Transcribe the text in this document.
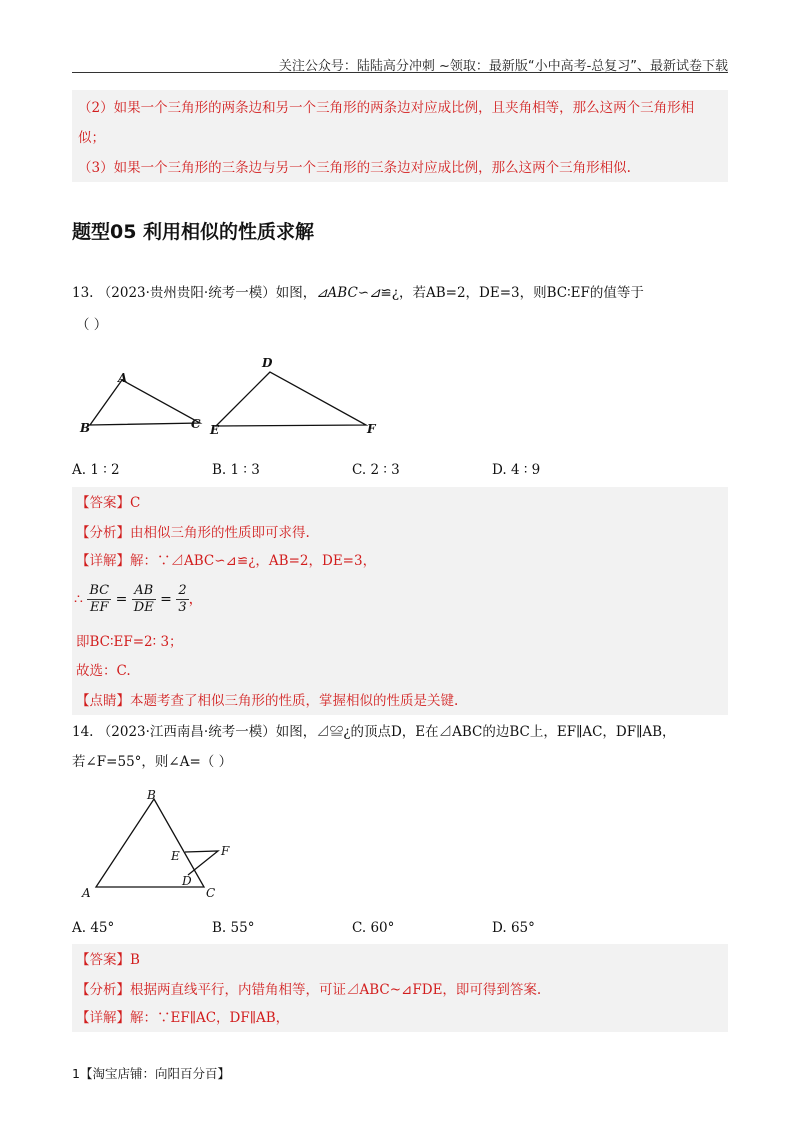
关注公众号：陆陆高分冲刺 ~领取：最新版“小中高考-总复习”、最新试卷下载
（2）如果一个三角形的两条边和另一个三角形的两条边对应成比例，且夹角相等，那么这两个三角形相
似；
（3）如果一个三角形的三条边与另一个三角形的三条边对应成比例，那么这两个三角形相似.
题型05 利用相似的性质求解
13. （2023·贵州贵阳·统考一模）如图，⊿ABC∽⊿≌¿，若AB=2，DE=3，则BC∶EF的值等于
（ ）
A
B	C
D
E	F
A. 1 ∶ 2	B. 1 ∶ 3	C. 2 ∶ 3	D. 4 ∶ 9
【答案】C
【分析】由相似三角形的性质即可求得.
【详解】解：∵⊿ABC∽⊿≌¿，AB=2，DE=3，
∴ $\frac{BC}{EF} = \frac{AB}{DE} = \frac{2}{3}$ ，
即BC∶EF=2∶ 3；
故选：C.
【点睛】本题考查了相似三角形的性质，掌握相似的性质是关键.
14. （2023·江西南昌·统考一模）如图，⊿≌¿的顶点D，E在⊿ABC的边BC上，EF∥AC，DF∥AB，
若∠F=55°，则∠A=（ ）
B
A	C
E	F
D
A. 45°	B. 55°	C. 60°	D. 65°
【答案】B
【分析】根据两直线平行，内错角相等，可证⊿ABC~⊿FDE，即可得到答案.
【详解】解：∵EF∥AC，DF∥AB，
1【淘宝店铺：向阳百分百】
